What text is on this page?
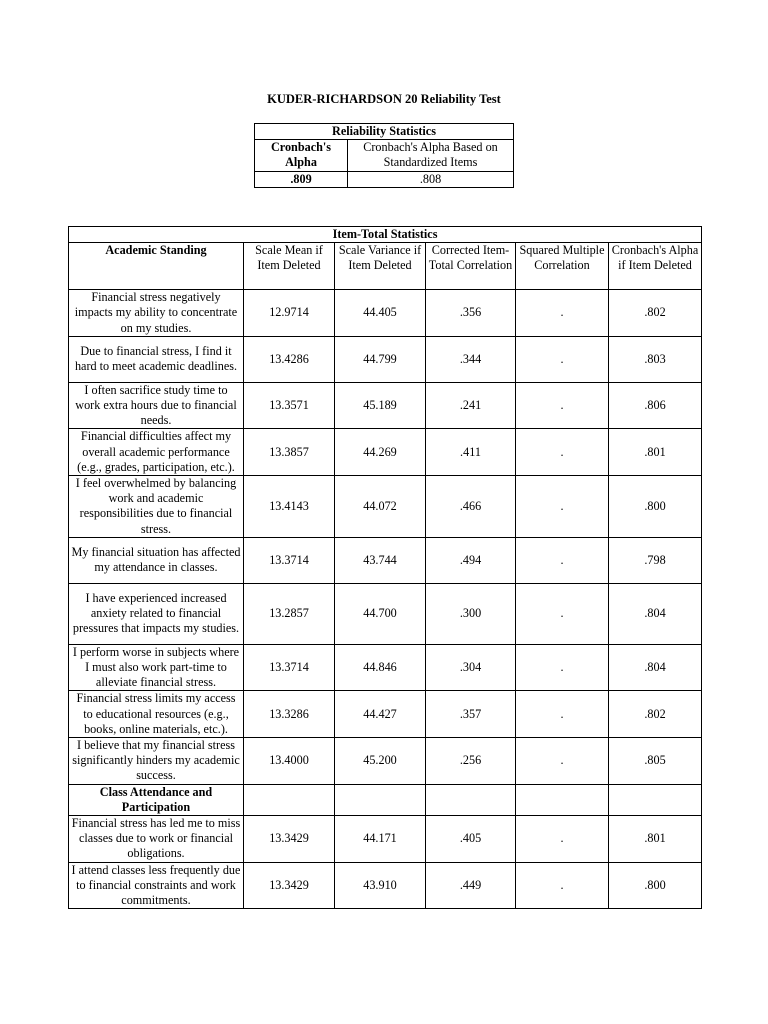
KUDER-RICHARDSON 20 Reliability Test
Reliability Statistics	
Cronbach's Alpha	Cronbach's Alpha Based on Standardized Items
.809	.808
Item-Total Statistics					
Academic Standing	Scale Mean if Item Deleted	Scale Variance if Item Deleted	Corrected Item-Total Correlation	Squared Multiple Correlation	Cronbach's Alpha if Item Deleted
Financial stress negatively impacts my ability to concentrate on my studies.	12.9714	44.405	.356	.	.802
Due to financial stress, I find it hard to meet academic deadlines.	13.4286	44.799	.344	.	.803
I often sacrifice study time to work extra hours due to financial needs.	13.3571	45.189	.241	.	.806
Financial difficulties affect my overall academic performance (e.g., grades, participation, etc.).	13.3857	44.269	.411	.	.801
I feel overwhelmed by balancing work and academic responsibilities due to financial stress.	13.4143	44.072	.466	.	.800
My financial situation has affected my attendance in classes.	13.3714	43.744	.494	.	.798
I have experienced increased anxiety related to financial pressures that impacts my studies.	13.2857	44.700	.300	.	.804
I perform worse in subjects where I must also work part-time to alleviate financial stress.	13.3714	44.846	.304	.	.804
Financial stress limits my access to educational resources (e.g., books, online materials, etc.).	13.3286	44.427	.357	.	.802
I believe that my financial stress significantly hinders my academic success.	13.4000	45.200	.256	.	.805
Class Attendance and Participation					
Financial stress has led me to miss classes due to work or financial obligations.	13.3429	44.171	.405	.	.801
I attend classes less frequently due to financial constraints and work commitments.	13.3429	43.910	.449	.	.800
